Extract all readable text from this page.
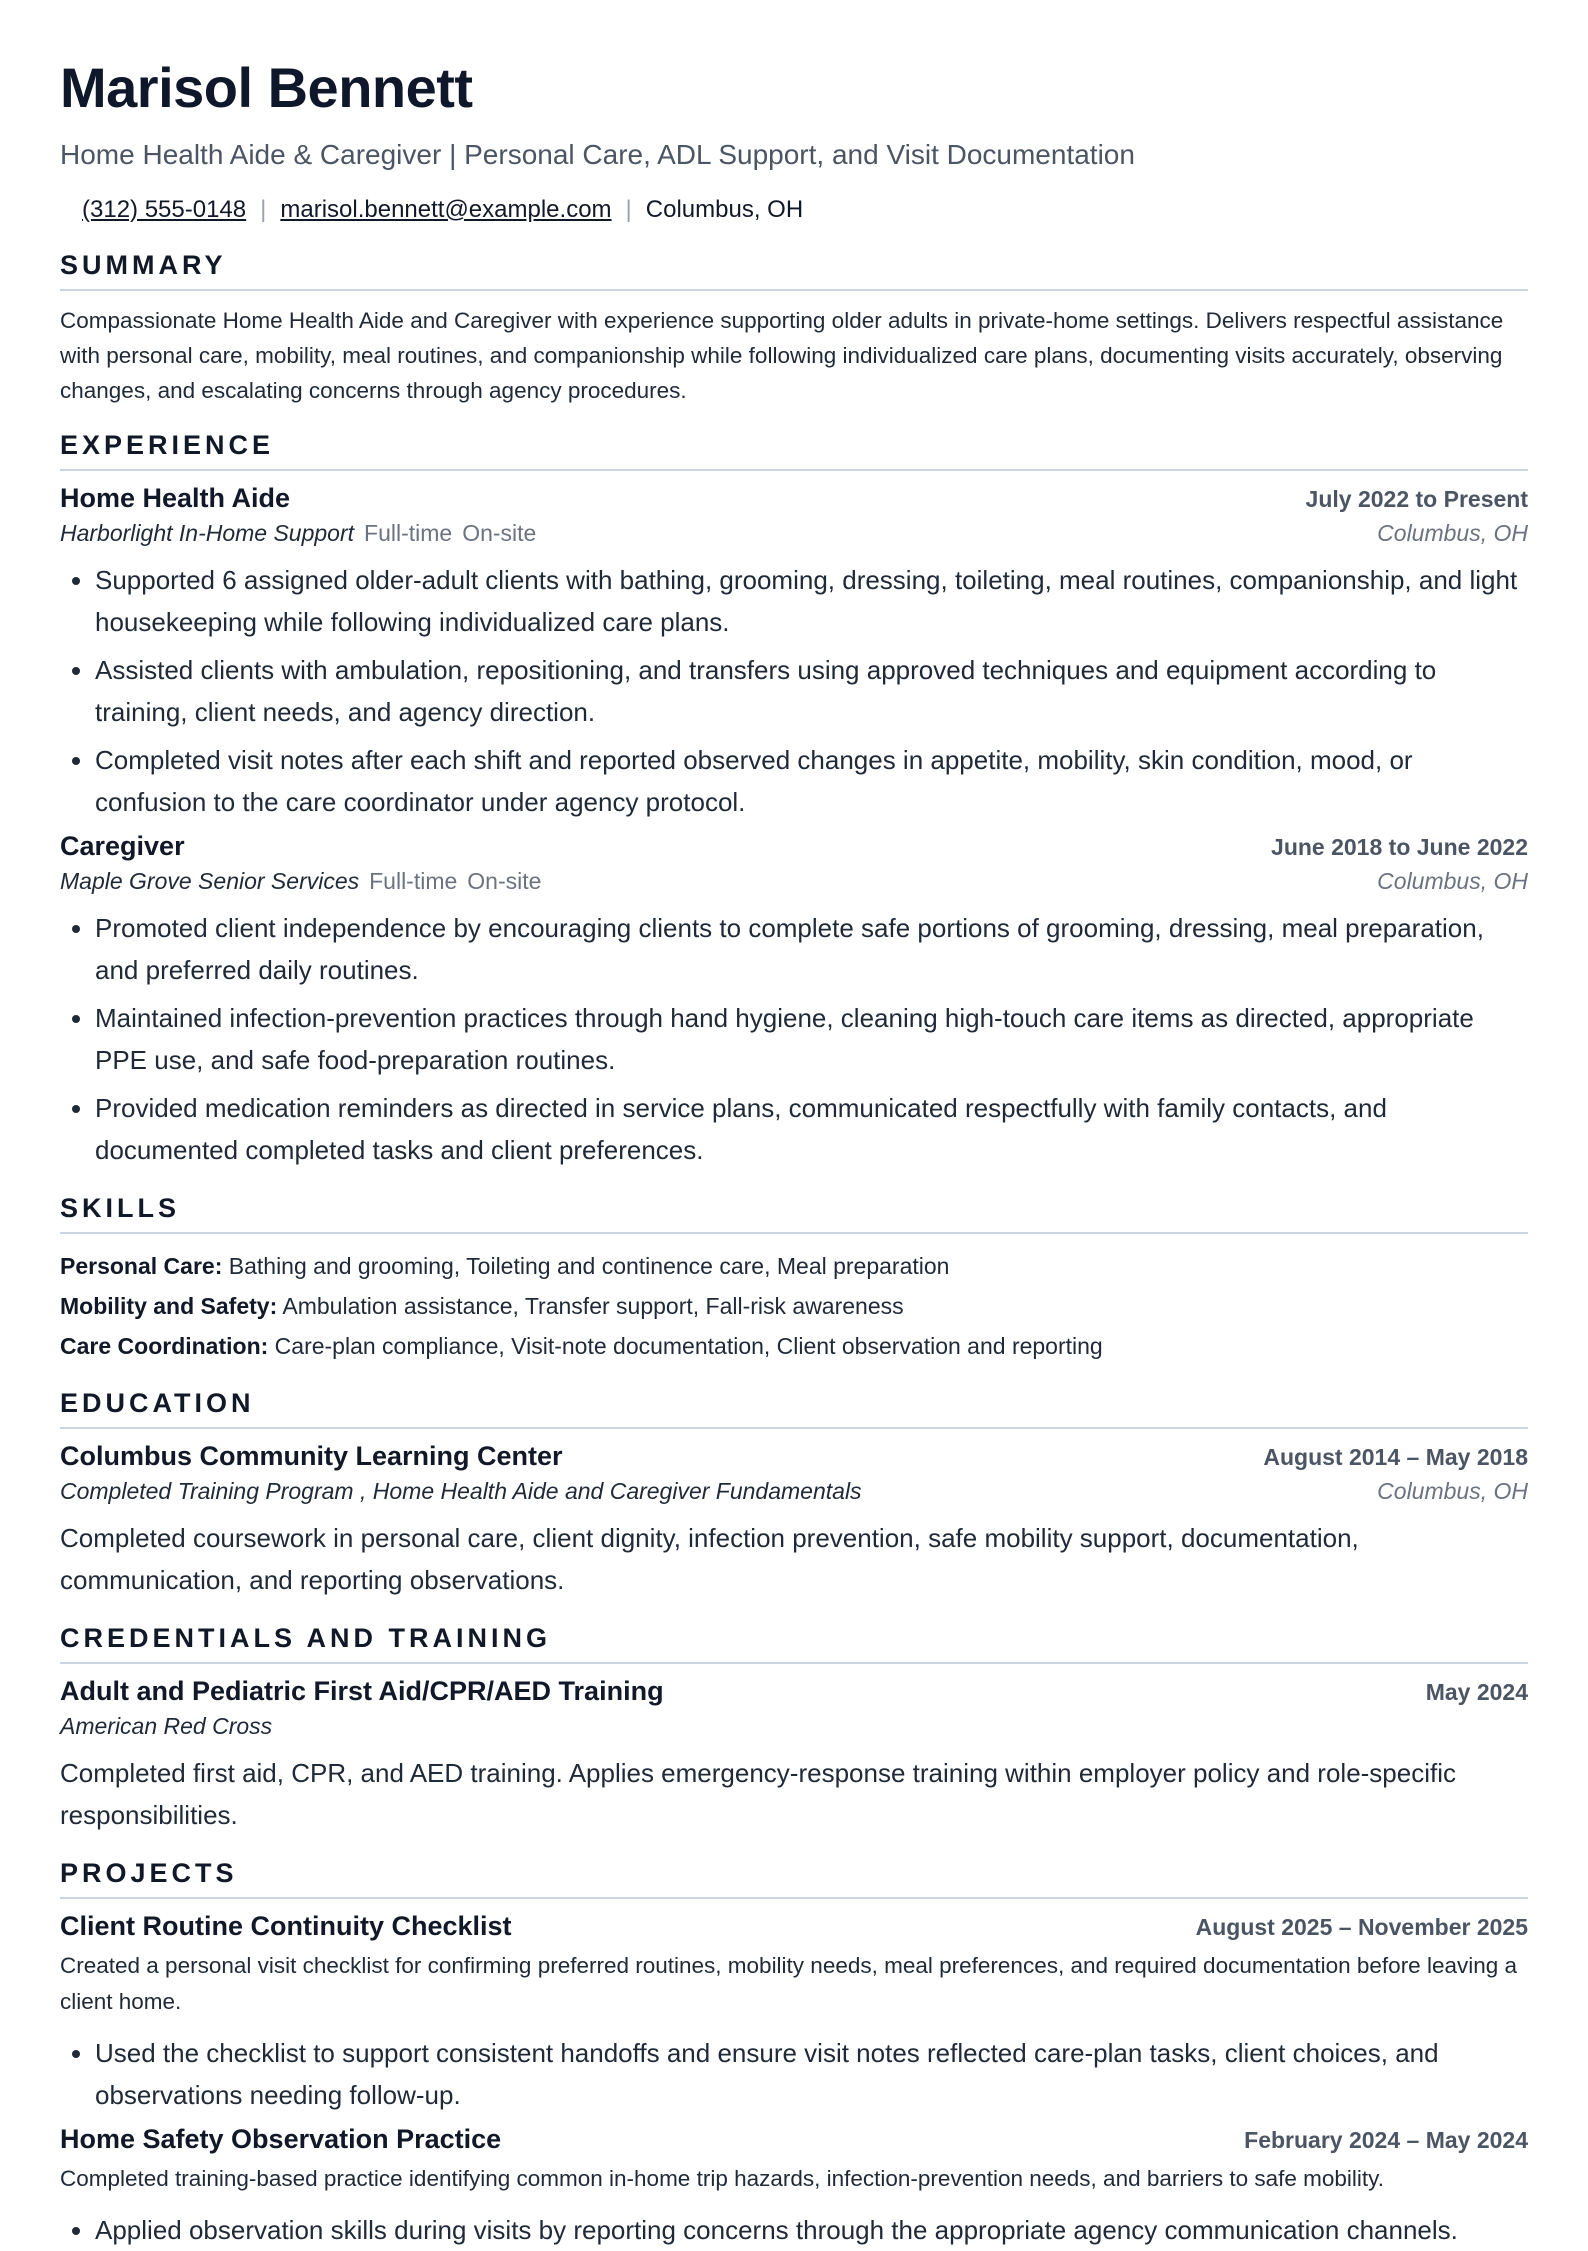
Marisol Bennett
Home Health Aide & Caregiver | Personal Care, ADL Support, and Visit Documentation
(312) 555-0148 | marisol.bennett@example.com | Columbus, OH
SUMMARY

Compassionate Home Health Aide and Caregiver with experience supporting older adults in private-home settings. Delivers respectful assistance with personal care, mobility, meal routines, and companionship while following individualized care plans, documenting visits accurately, observing changes, and escalating concerns through agency procedures.

EXPERIENCE
Home Health Aide	July 2022 to Present
Harborlight In-Home Support Full-time On-site	Columbus, OH
• Supported 6 assigned older-adult clients with bathing, grooming, dressing, toileting, meal routines, companionship, and light housekeeping while following individualized care plans.
• Assisted clients with ambulation, repositioning, and transfers using approved techniques and equipment according to training, client needs, and agency direction.
• Completed visit notes after each shift and reported observed changes in appetite, mobility, skin condition, mood, or confusion to the care coordinator under agency protocol.
Caregiver	June 2018 to June 2022
Maple Grove Senior Services Full-time On-site	Columbus, OH
• Promoted client independence by encouraging clients to complete safe portions of grooming, dressing, meal preparation, and preferred daily routines.
• Maintained infection-prevention practices through hand hygiene, cleaning high-touch care items as directed, appropriate PPE use, and safe food-preparation routines.
• Provided medication reminders as directed in service plans, communicated respectfully with family contacts, and documented completed tasks and client preferences.
SKILLS
Personal Care: Bathing and grooming, Toileting and continence care, Meal preparation
Mobility and Safety: Ambulation assistance, Transfer support, Fall-risk awareness
Care Coordination: Care-plan compliance, Visit-note documentation, Client observation and reporting
EDUCATION
Columbus Community Learning Center	August 2014 – May 2018
Completed Training Program , Home Health Aide and Caregiver Fundamentals	Columbus, OH
Completed coursework in personal care, client dignity, infection prevention, safe mobility support, documentation, communication, and reporting observations.
CREDENTIALS AND TRAINING
Adult and Pediatric First Aid/CPR/AED Training	May 2024
American Red Cross
Completed first aid, CPR, and AED training. Applies emergency-response training within employer policy and role-specific responsibilities.
PROJECTS
Client Routine Continuity Checklist	August 2025 – November 2025
Created a personal visit checklist for confirming preferred routines, mobility needs, meal preferences, and required documentation before leaving a client home.
• Used the checklist to support consistent handoffs and ensure visit notes reflected care-plan tasks, client choices, and observations needing follow-up.
Home Safety Observation Practice	February 2024 – May 2024
Completed training-based practice identifying common in-home trip hazards, infection-prevention needs, and barriers to safe mobility.
• Applied observation skills during visits by reporting concerns through the appropriate agency communication channels.
